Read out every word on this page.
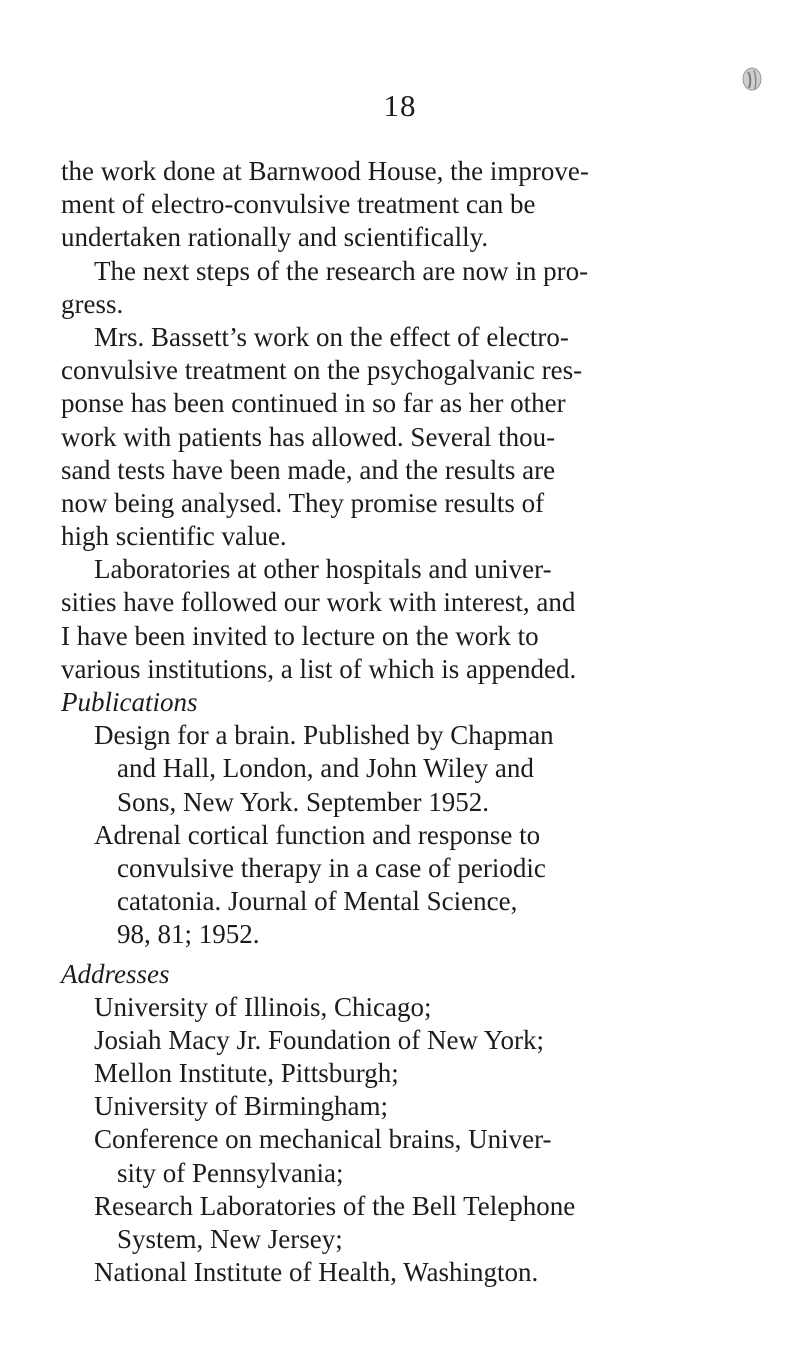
18

the work done at Barnwood House, the improve-

ment of electro-convulsive treatment can be

undertaken rationally and scientifically.

The next steps of the research are now in pro-

gress.

Mrs. Bassett’s work on the effect of electro-

convulsive treatment on the psychogalvanic res-

ponse has been continued in so far as her other

work with patients has allowed. Several thou-

sand tests have been made, and the results are

now being analysed. They promise results of

high scientific value.

Laboratories at other hospitals and univer-

sities have followed our work with interest, and

I have been invited to lecture on the work to

various institutions, a list of which is appended.

Publications

Design for a brain. Published by Chapman

and Hall, London, and John Wiley and

Sons, New York. September 1952.

Adrenal cortical function and response to

convulsive therapy in a case of periodic

catatonia. Journal of Mental Science,

98, 81; 1952.

Addresses

University of Illinois, Chicago;

Josiah Macy Jr. Foundation of New York;

Mellon Institute, Pittsburgh;

University of Birmingham;

Conference on mechanical brains, Univer-

sity of Pennsylvania;

Research Laboratories of the Bell Telephone

System, New Jersey;

National Institute of Health, Washington.
